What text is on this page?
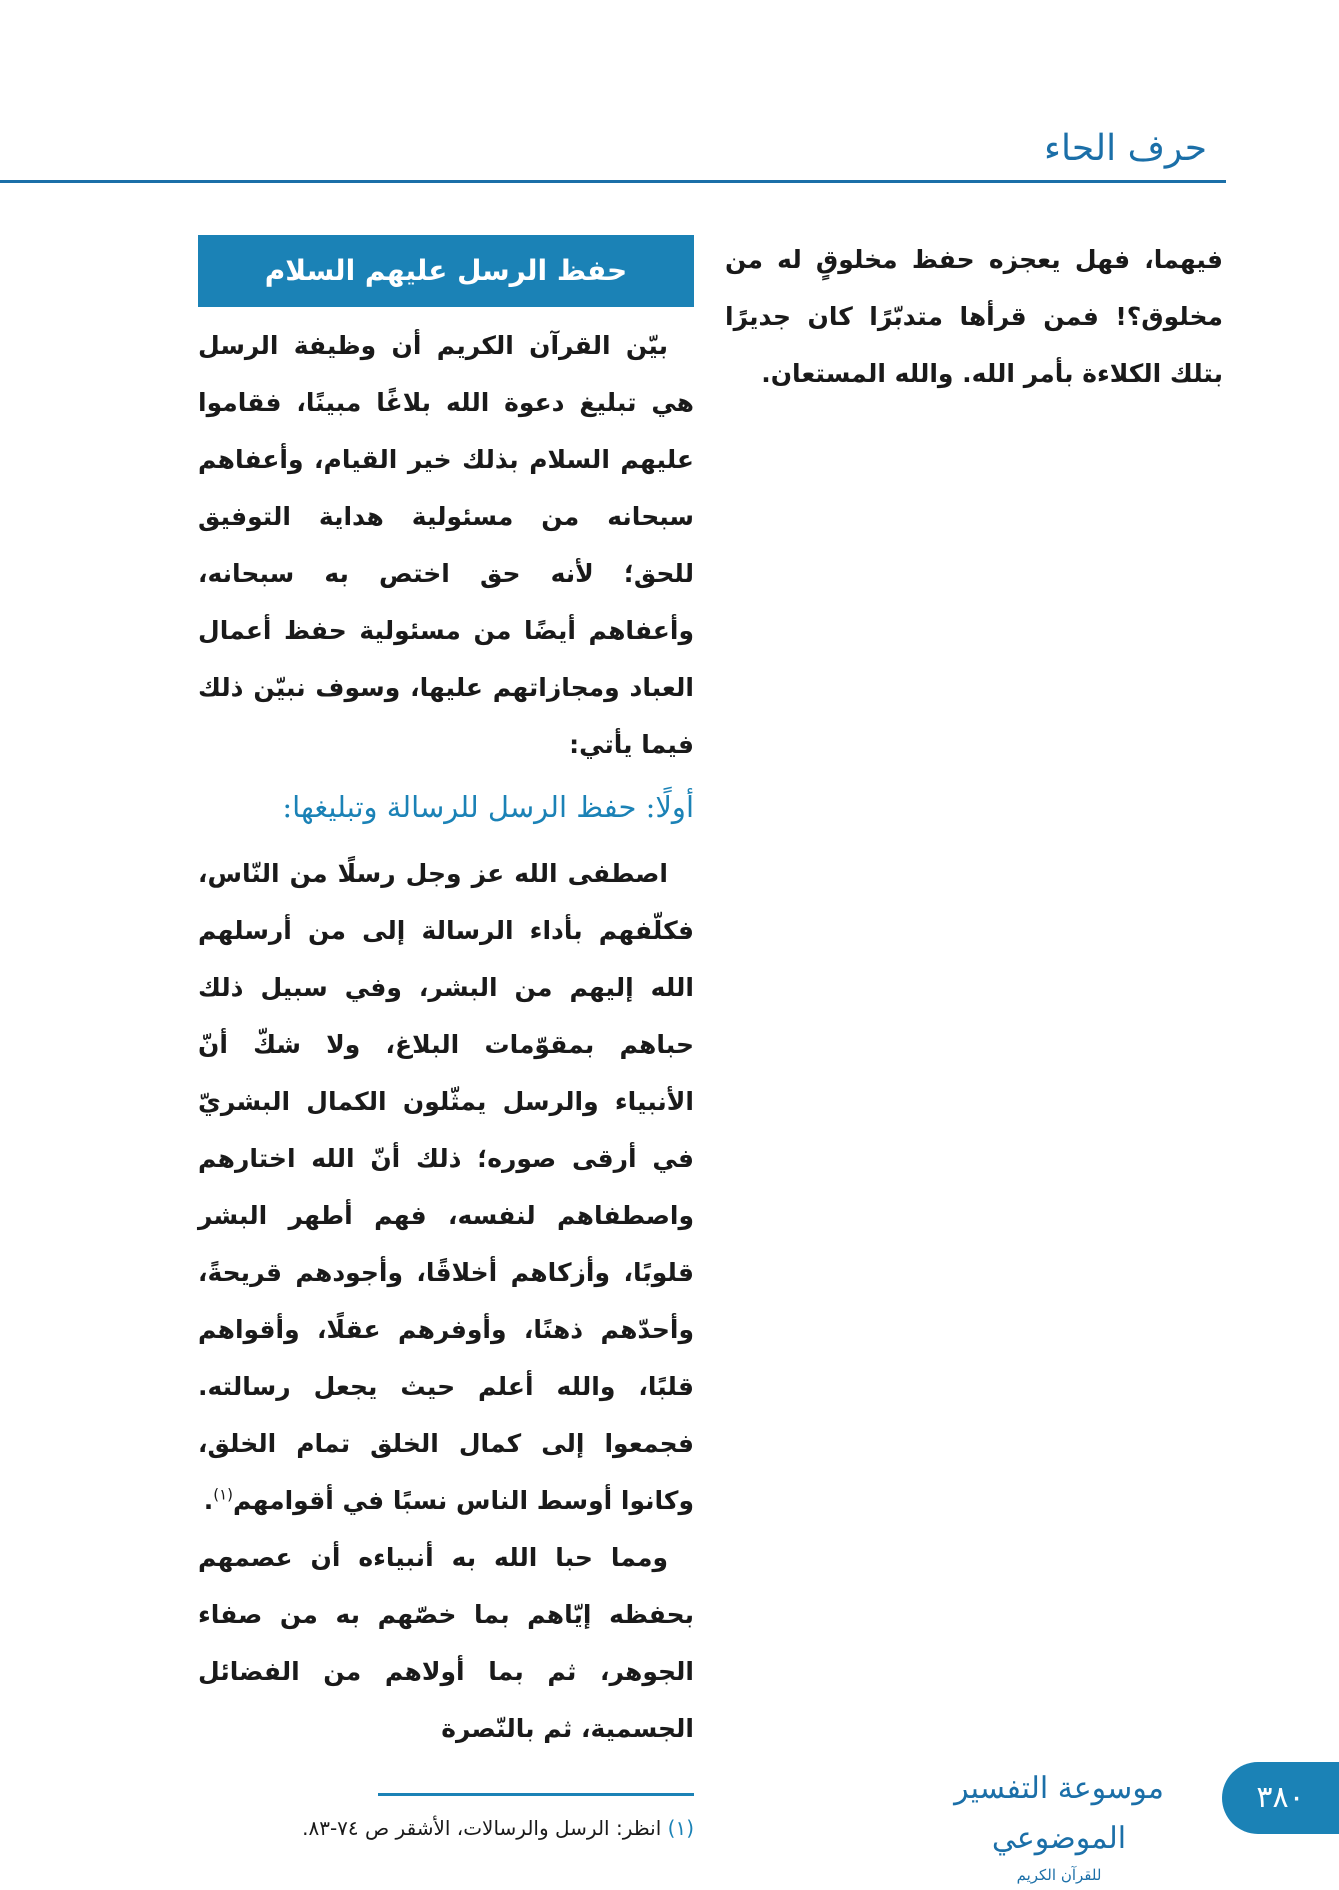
حرف الحاء

فيهما، فهل يعجزه حفظ مخلوقٍ له من مخلوق؟! فمن قرأها متدبّرًا كان جديرًا بتلك الكلاءة بأمر الله. والله المستعان.

حفظ الرسل عليهم السلام

بيّن القرآن الكريم أن وظيفة الرسل هي تبليغ دعوة الله بلاغًا مبينًا، فقاموا عليهم السلام بذلك خير القيام، وأعفاهم سبحانه من مسئولية هداية التوفيق للحق؛ لأنه حق اختص به سبحانه، وأعفاهم أيضًا من مسئولية حفظ أعمال العباد ومجازاتهم عليها، وسوف نبيّن ذلك فيما يأتي:

أولًا: حفظ الرسل للرسالة وتبليغها:

اصطفى الله عز وجل رسلًا من النّاس، فكلّفهم بأداء الرسالة إلى من أرسلهم الله إليهم من البشر، وفي سبيل ذلك حباهم بمقوّمات البلاغ، ولا شكّ أنّ الأنبياء والرسل يمثّلون الكمال البشريّ في أرقى صوره؛ ذلك أنّ الله اختارهم واصطفاهم لنفسه، فهم أطهر البشر قلوبًا، وأزكاهم أخلاقًا، وأجودهم قريحةً، وأحدّهم ذهنًا، وأوفرهم عقلًا، وأقواهم قلبًا، والله أعلم حيث يجعل رسالته. فجمعوا إلى كمال الخلق تمام الخلق، وكانوا أوسط الناس نسبًا في أقوامهم$^{(١)}$.

ومما حبا الله به أنبياءه أن عصمهم بحفظه إيّاهم بما خصّهم به من صفاء الجوهر، ثم بما أولاهم من الفضائل الجسمية، ثم بالنّصرة

(١) انظر: الرسل والرسالات، الأشقر ص ٧٤-٨٣.

موسوعة التفسير الموضوعي
للقرآن الكريم
٣٨٠
